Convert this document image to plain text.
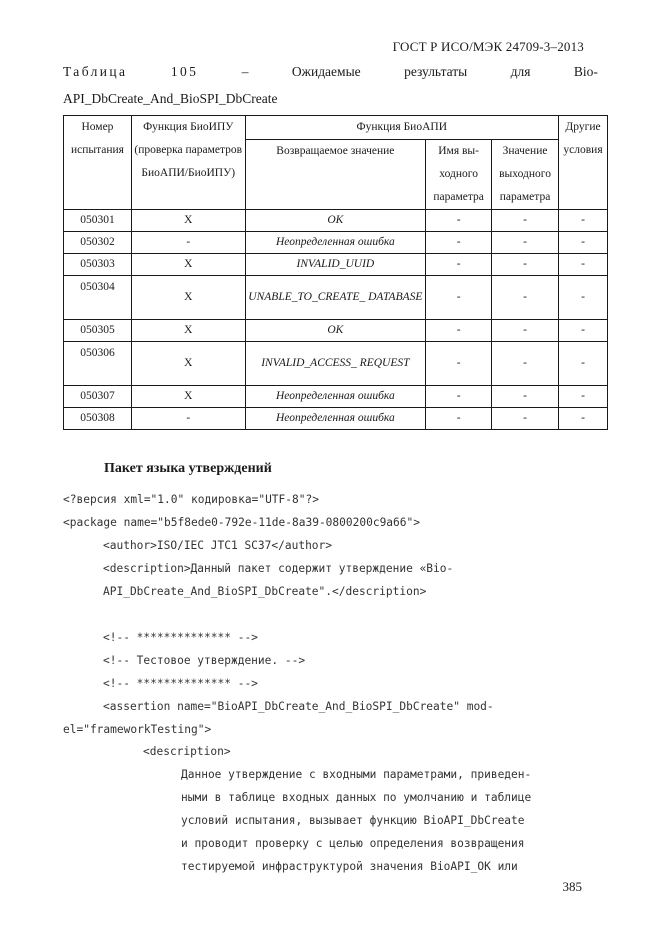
ГОСТ Р ИСО/МЭК 24709-3–2013
Таблица	105	–	Ожидаемые	результаты	для	Bio-
API_DbCreate_And_BioSPI_DbCreate
Номер испытания	Функция БиоИПУ (проверка параметров БиоАПИ/БиоИПУ)	Функция БиоАПИ			Другие условия
		Возвращаемое значение	Имя вы-ходного параметра	Значение выходного параметра	
050301	X	OK	-	-	-
050302	-	Неопределенная ошибка	-	-	-
050303	X	INVALID_UUID	-	-	-
050304	X	UNABLE_TO_CREATE_ DATABASE	-	-	-
050305	X	OK	-	-	-
050306	X	INVALID_ACCESS_ REQUEST	-	-	-
050307	X	Неопределенная ошибка	-	-	-
050308	-	Неопределенная ошибка	-	-	-
Пакет языка утверждений

<?версия xml="1.0" кодировка="UTF-8"?>

<package name="b5f8ede0-792e-11de-8a39-0800200c9a66">

<author>ISO/IEC JTC1 SC37</author>

<description>Данный пакет содержит утверждение «Bio-

API_DbCreate_And_BioSPI_DbCreate".</description>

<!-- ************** -->

<!-- Тестовое утверждение. -->

<!-- ************** -->

<assertion name="BioAPI_DbCreate_And_BioSPI_DbCreate" mod-

el="frameworkTesting">

<description>

Данное утверждение с входными параметрами, приведен-

ными в таблице входных данных по умолчанию и таблице

условий испытания, вызывает функцию BioAPI_DbCreate

и проводит проверку с целью определения возвращения

тестируемой инфраструктурой значения BioAPI_OK или

385
